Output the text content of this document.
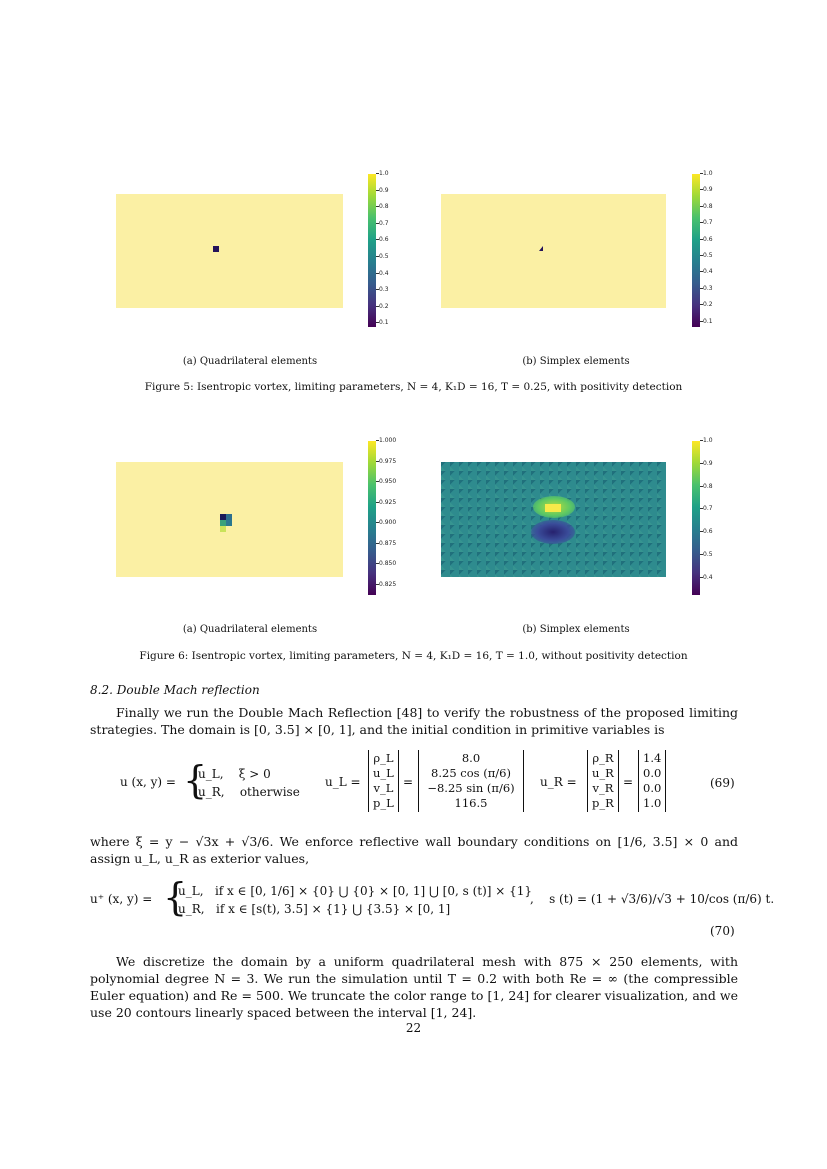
1.0
0.9
0.8
0.7
0.6
0.5
0.4
0.3
0.2
0.1
(a) Quadrilateral elements
1.0
0.9
0.8
0.7
0.6
0.5
0.4
0.3
0.2
0.1
(b) Simplex elements
Figure 5: Isentropic vortex, limiting parameters, N = 4, K₁D = 16, T = 0.25, with positivity detection
1.000
0.975
0.950
0.925
0.900
0.875
0.850
0.825
(a) Quadrilateral elements
1.0
0.9
0.8
0.7
0.6
0.5
0.4
(b) Simplex elements
Figure 6: Isentropic vortex, limiting parameters, N = 4, K₁D = 16, T = 1.0, without positivity detection
8.2. Double Mach reflection
Finally we run the Double Mach Reflection [48] to verify the robustness of the proposed limiting strategies. The domain is [0, 3.5] × [0, 1], and the initial condition in primitive variables is
u (x, y) = {
u_L,    ξ > 0
u_R,    otherwise
u_L =
ρ_L
u_L
v_L
p_L
=
8.0
8.25 cos (π/6)
−8.25 sin (π/6)
116.5
u_R =
ρ_R
u_R
v_R
p_R
=
1.4
0.0
0.0
1.0
(69)
where ξ = y − √3x + √3/6. We enforce reflective wall boundary conditions on [1/6, 3.5] × 0 and assign u_L, u_R as exterior values,
u⁺ (x, y) = {
u_L,   if x ∈ [0, 1/6] × {0} ⋃ {0} × [0, 1] ⋃ [0, s (t)] × {1}
u_R,   if x ∈ [s(t), 3.5] × {1} ⋃ {3.5} × [0, 1]
,    s (t) = (1 + √3/6)/√3 + 10/cos (π/6) t.
(70)
We discretize the domain by a uniform quadrilateral mesh with 875 × 250 elements, with polynomial degree N = 3. We run the simulation until T = 0.2 with both Re = ∞ (the compressible Euler equation) and Re = 500. We truncate the color range to [1, 24] for clearer visualization, and we use 20 contours linearly spaced between the interval [1, 24].
22
